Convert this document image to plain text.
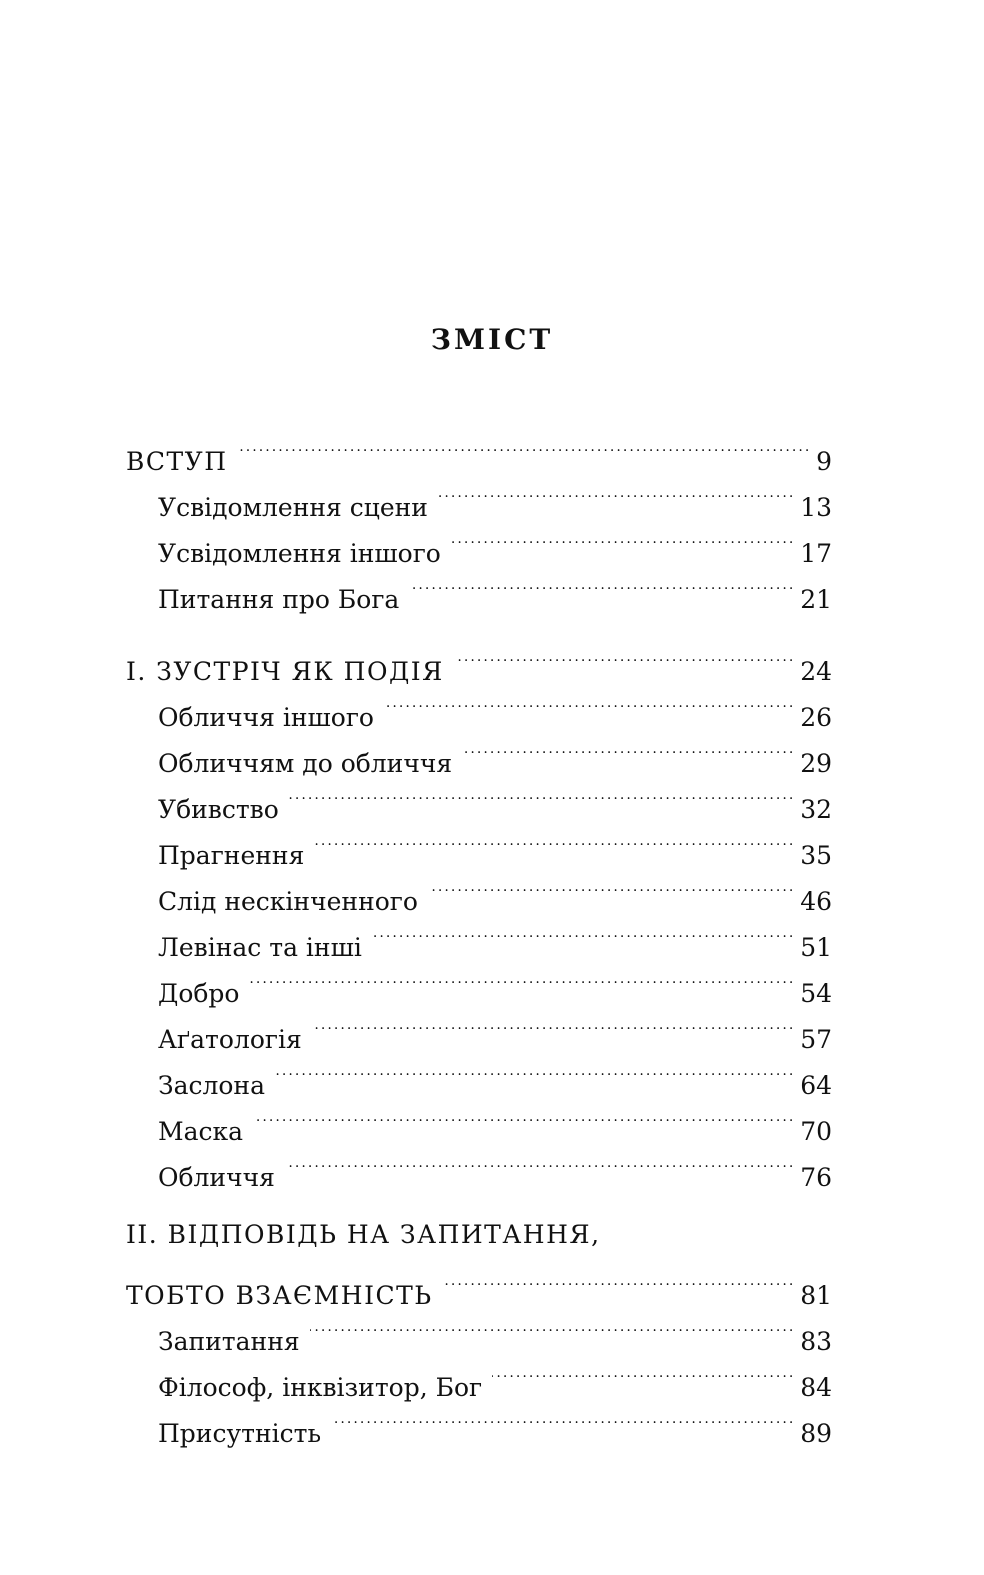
ЗМІСТ
ВСТУП . . .	9
Усвідомлення сцени . . .	13
Усвідомлення іншого . . .	17
Питання про Бога . . .	21
І. ЗУСТРІЧ ЯК ПОДІЯ . . .	24
Обличчя іншого . . .	26
Обличчям до обличчя . . .	29
Убивство . . .	32
Прагнення . . .	35
Слід нескінченного . . .	46
Левінас та інші . . .	51
Добро . . .	54
Аґатологія . . .	57
Заслона . . .	64
Маска . . .	70
Обличчя . . .	76
ІІ. ВІДПОВІДЬ НА ЗАПИТАННЯ,
ТОБТО ВЗАЄМНІСТЬ . . .	81
Запитання . . .	83
Філософ, інквізитор, Бог . . .	84
Присутність . . .	89
